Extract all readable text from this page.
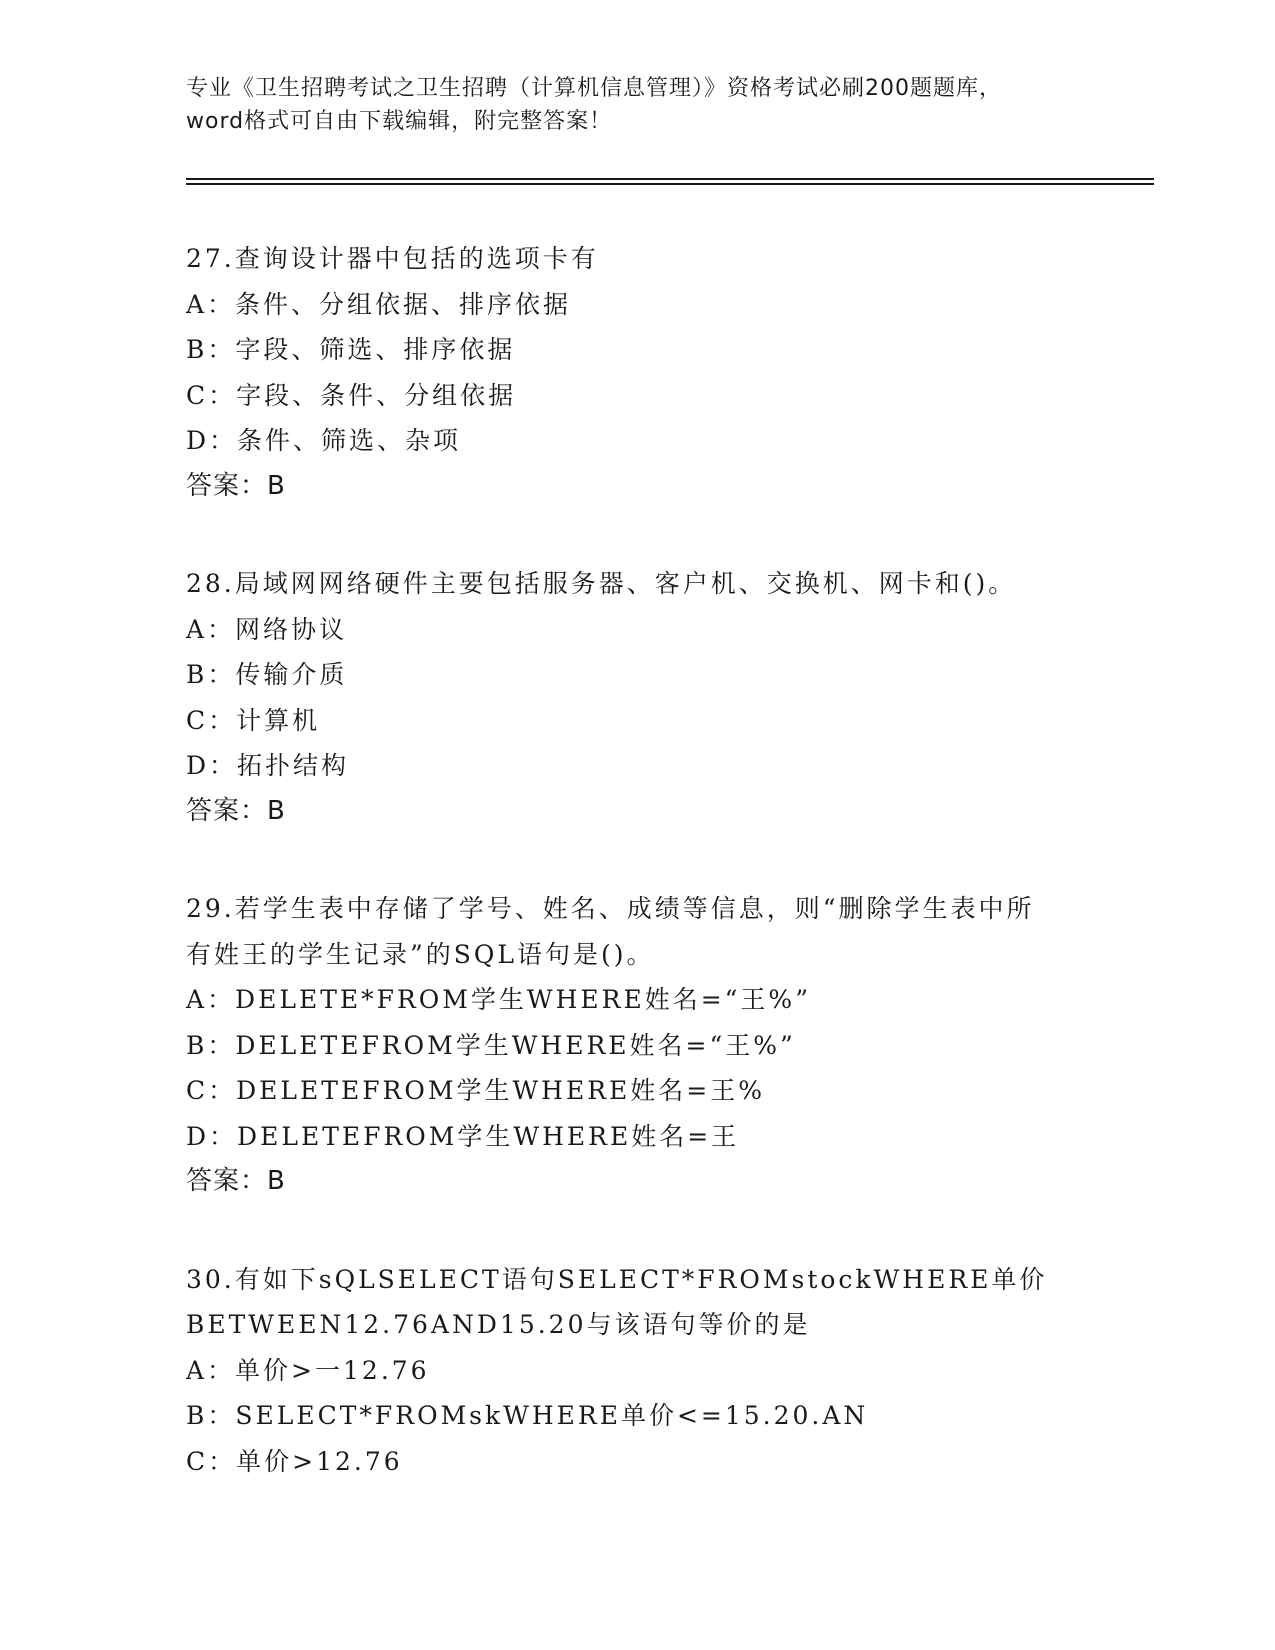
专业《卫生招聘考试之卫生招聘（计算机信息管理）》资格考试必刷200题题库，
word格式可自由下载编辑，附完整答案！
27.查询设计器中包括的选项卡有
A：条件、分组依据、排序依据
B：字段、筛选、排序依据
C：字段、条件、分组依据
D：条件、筛选、杂项
答案：B
28.局域网网络硬件主要包括服务器、客户机、交换机、网卡和()。
A：网络协议
B：传输介质
C：计算机
D：拓扑结构
答案：B
29.若学生表中存储了学号、姓名、成绩等信息，则“删除学生表中所
有姓王的学生记录”的SQL语句是()。
A：DELETE*FROM学生WHERE姓名=“王%”
B：DELETEFROM学生WHERE姓名=“王%”
C：DELETEFROM学生WHERE姓名=王%
D：DELETEFROM学生WHERE姓名=王
答案：B
30.有如下sQLSELECT语句SELECT*FROMstockWHERE单价
BETWEEN12.76AND15.20与该语句等价的是
A：单价>一12.76
B：SELECT*FROMskWHERE单价<=15.20.AN
C：单价>12.76
